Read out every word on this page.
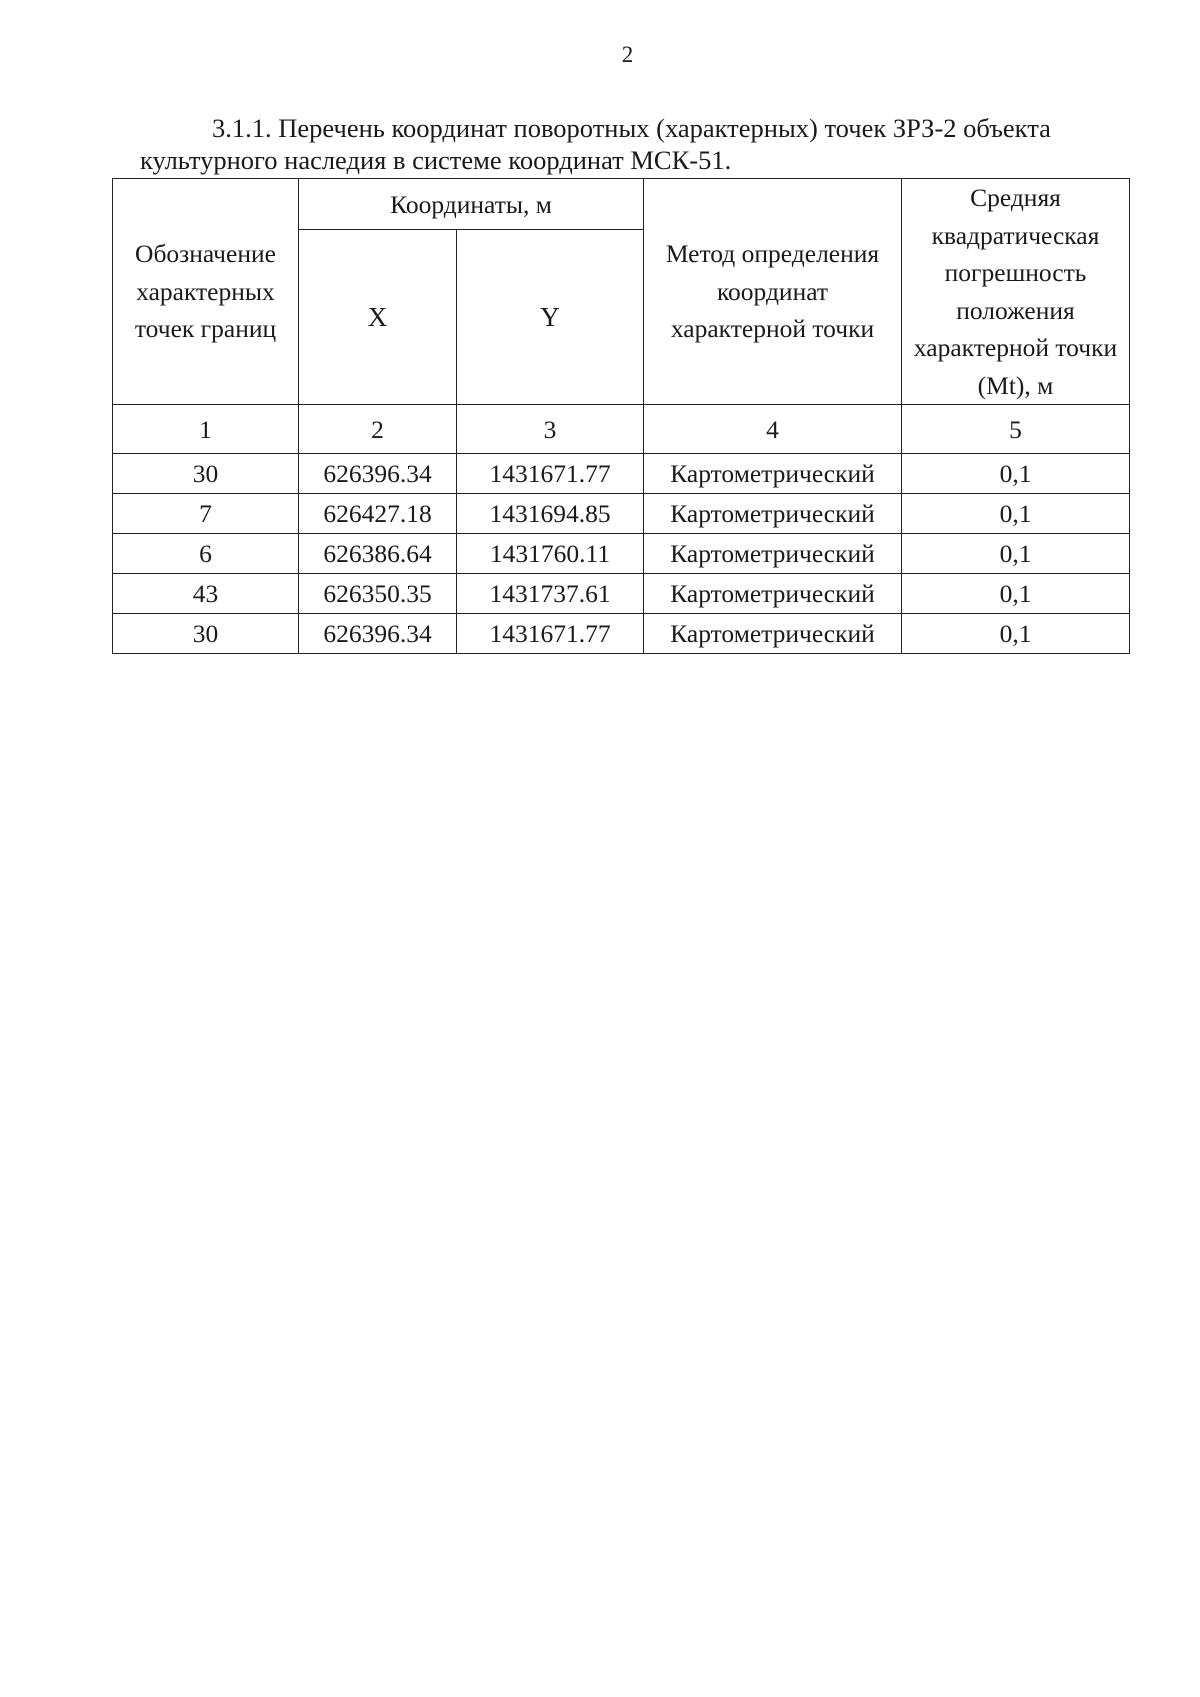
2

3.1.1. Перечень координат поворотных (характерных) точек ЗРЗ-2 объекта
культурного наследия в системе координат МСК-51.

Обозначение характерных точек границ	Координаты, м		Метод определения координат характерной точки	Средняя квадратическая погрешность положения характерной точки (Mt), м
	X	Y		
1	2	3	4	5
30	626396.34	1431671.77	Картометрический	0,1
7	626427.18	1431694.85	Картометрический	0,1
6	626386.64	1431760.11	Картометрический	0,1
43	626350.35	1431737.61	Картометрический	0,1
30	626396.34	1431671.77	Картометрический	0,1
